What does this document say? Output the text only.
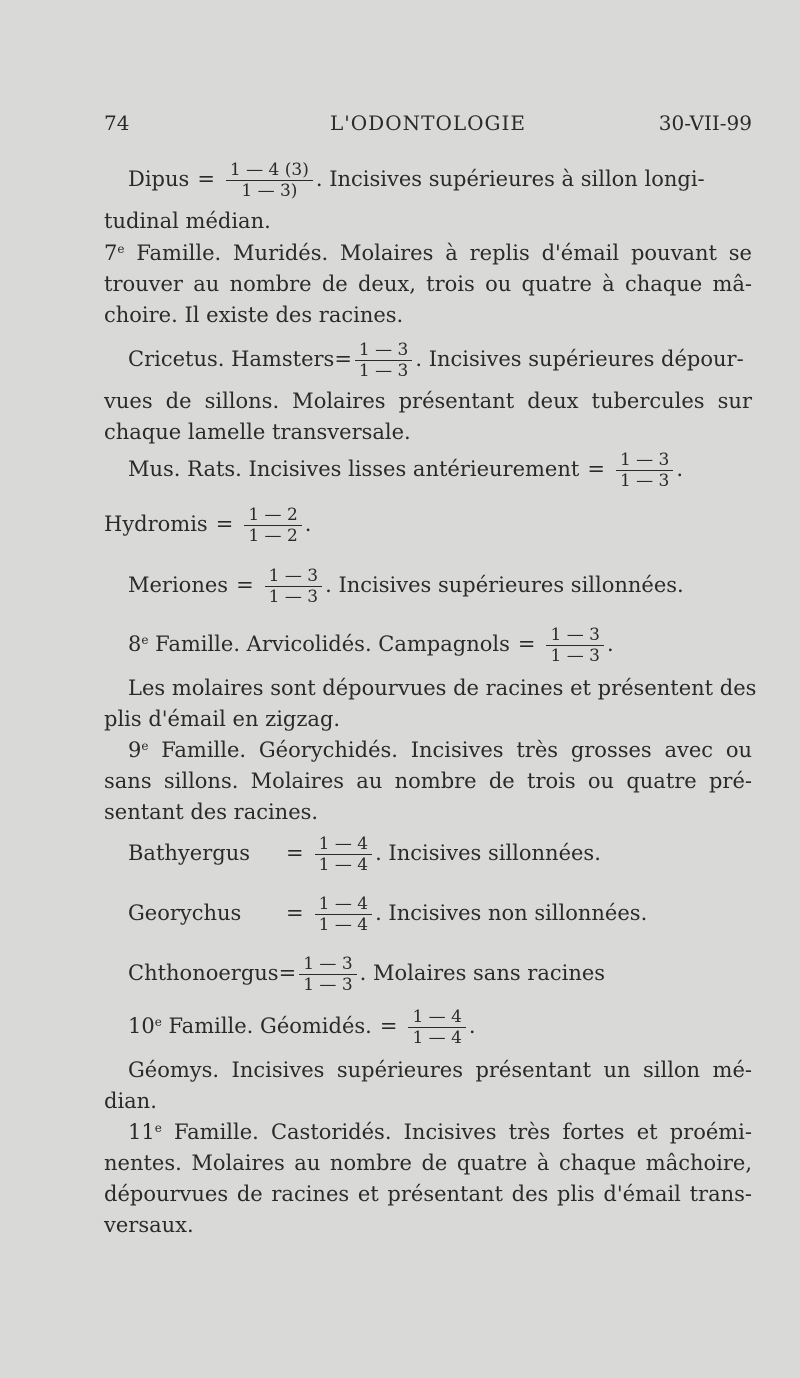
74	L'ODONTOLOGIE	30-VII-99
Dipus = $\frac{1 — 4 (3)}{1 — 3)}$ . Incisives supérieures à sillon longi-
tudinal médian.
7e Famille. Muridés. Molaires à replis d'émail pouvant se
trouver au nombre de deux, trois ou quatre à chaque mâ-
choire. Il existe des racines.
Cricetus. Hamsters= $\frac{1 — 3}{1 — 3}$ . Incisives supérieures dépour-
vues de sillons. Molaires présentant deux tubercules sur
chaque lamelle transversale.
Mus. Rats. Incisives lisses antérieurement = $\frac{1 — 3}{1 — 3}$ .
Hydromis = $\frac{1 — 2}{1 — 2}$ .
Meriones = $\frac{1 — 3}{1 — 3}$ . Incisives supérieures sillonnées.
8e Famille. Arvicolidés. Campagnols = $\frac{1 — 3}{1 — 3}$ .
Les molaires sont dépourvues de racines et présentent des
plis d'émail en zigzag.
9e Famille. Géorychidés. Incisives très grosses avec ou
sans sillons. Molaires au nombre de trois ou quatre pré-
sentant des racines.
Bathyergus = $\frac{1 — 4}{1 — 4}$ . Incisives sillonnées.
Georychus = $\frac{1 — 4}{1 — 4}$ . Incisives non sillonnées.
Chthonoergus= $\frac{1 — 3}{1 — 3}$ . Molaires sans racines
10e Famille. Géomidés. = $\frac{1 — 4}{1 — 4}$ .
Géomys. Incisives supérieures présentant un sillon mé-
dian.
11e Famille. Castoridés. Incisives très fortes et proémi-
nentes. Molaires au nombre de quatre à chaque mâchoire,
dépourvues de racines et présentant des plis d'émail trans-
versaux.
